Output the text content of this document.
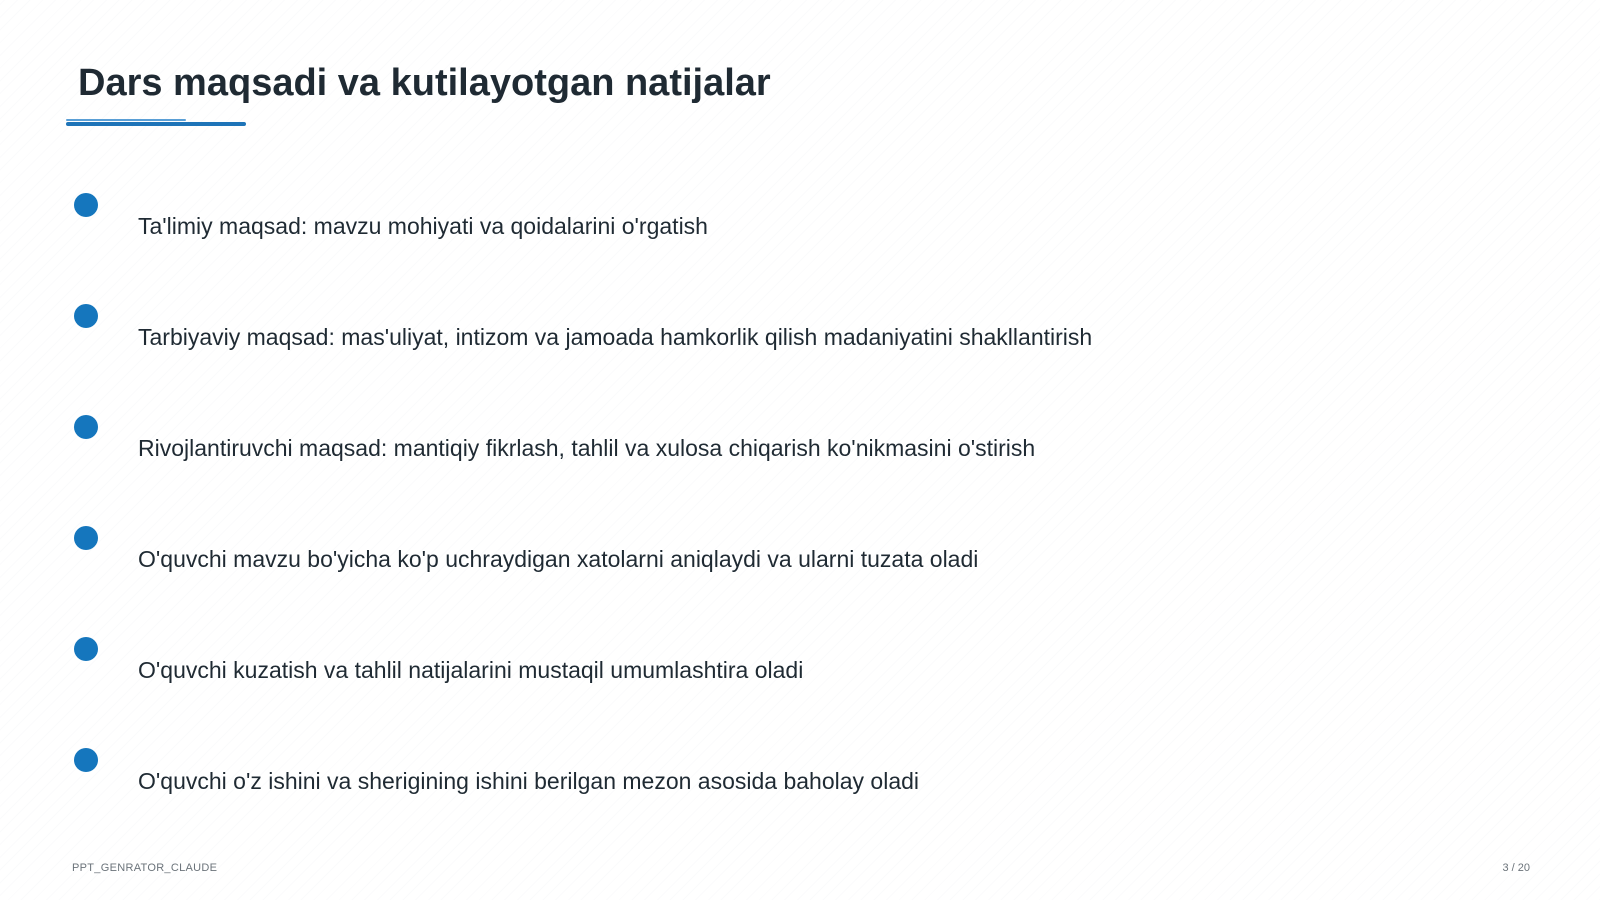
Dars maqsadi va kutilayotgan natijalar
Ta'limiy maqsad: mavzu mohiyati va qoidalarini o'rgatish
Tarbiyaviy maqsad: mas'uliyat, intizom va jamoada hamkorlik qilish madaniyatini shakllantirish
Rivojlantiruvchi maqsad: mantiqiy fikrlash, tahlil va xulosa chiqarish ko'nikmasini o'stirish
O'quvchi mavzu bo'yicha ko'p uchraydigan xatolarni aniqlaydi va ularni tuzata oladi
O'quvchi kuzatish va tahlil natijalarini mustaqil umumlashtira oladi
O'quvchi o'z ishini va sherigining ishini berilgan mezon asosida baholay oladi
PPT_GENRATOR_CLAUDE	3 / 20
